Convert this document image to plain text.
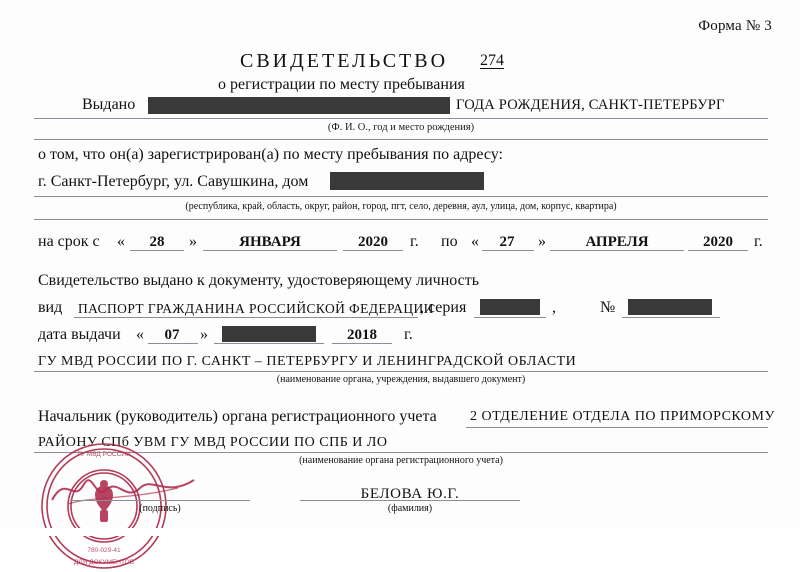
Форма № 3
СВИДЕТЕЛЬСТВО 274
о регистрации по месту пребывания
Выдано	ГОДА РОЖДЕНИЯ, САНКТ-ПЕТЕРБУРГ
(Ф. И. О., год и место рождения)
о том, что он(а) зарегистрирован(а) по месту пребывания по адресу:
г. Санкт-Петербург, ул. Савушкина, дом
(республика, край, область, округ, район, город, пгт, село, деревня, аул, улица, дом, корпус, квартира)
на срок с «	28	»	ЯНВАРЯ	2020	г. по «	27	»	АПРЕЛЯ	2020	г.
Свидетельство выдано к документу, удостоверяющему личность
вид ПАСПОРТ ГРАЖДАНИНА РОССИЙСКОЙ ФЕДЕРАЦИИ
, серия	,	№
дата выдачи «	07	»	2018	г.
ГУ МВД РОССИИ ПО Г. САНКТ – ПЕТЕРБУРГУ И ЛЕНИНГРАДСКОЙ ОБЛАСТИ
(наименование органа, учреждения, выдавшего документ)
Начальник (руководитель) органа регистрационного учета 2 ОТДЕЛЕНИЕ ОТДЕЛА ПО ПРИМОРСКОМУ
РАЙОНУ СПб УВМ ГУ МВД РОССИИ ПО СПБ И ЛО
(наименование органа регистрационного учета)
ГУ МВД РОССИИ
ДЛЯ ДОКУМЕНТОВ
780-029-41
(подпись)
БЕЛОВА Ю.Г.
(фамилия)
